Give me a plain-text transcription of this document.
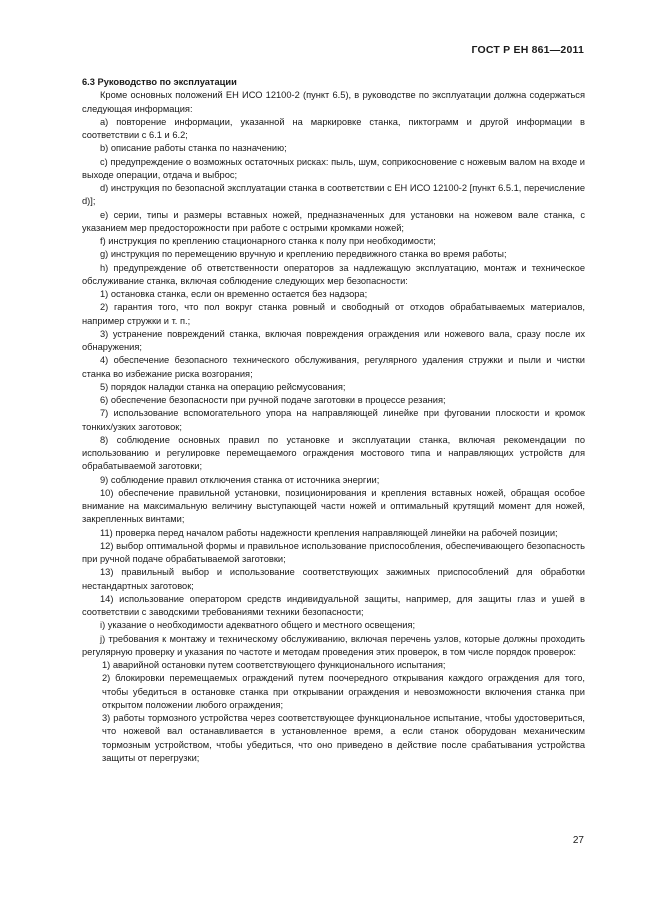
ГОСТ Р ЕН 861—2011

6.3 Руководство по эксплуатации

Кроме основных положений ЕН ИСО 12100-2 (пункт 6.5), в руководстве по эксплуатации должна содержаться следующая информация:

a) повторение информации, указанной на маркировке станка, пиктограмм и другой информации в соответствии с 6.1 и 6.2;

b) описание работы станка по назначению;

c) предупреждение о возможных остаточных рисках: пыль, шум, соприкосновение с ножевым валом на входе и выходе операции, отдача и выброс;

d) инструкция по безопасной эксплуатации станка в соответствии с ЕН ИСО 12100-2 [пункт 6.5.1, перечисление d)];

e) серии, типы и размеры вставных ножей, предназначенных для установки на ножевом вале станка, с указанием мер предосторожности при работе с острыми кромками ножей;

f) инструкция по креплению стационарного станка к полу при необходимости;

g) инструкция по перемещению вручную и креплению передвижного станка во время работы;

h) предупреждение об ответственности операторов за надлежащую эксплуатацию, монтаж и техническое обслуживание станка, включая соблюдение следующих мер безопасности:

1) остановка станка, если он временно остается без надзора;

2) гарантия того, что пол вокруг станка ровный и свободный от отходов обрабатываемых материалов, например стружки и т. п.;

3) устранение повреждений станка, включая повреждения ограждения или ножевого вала, сразу после их обнаружения;

4) обеспечение безопасного технического обслуживания, регулярного удаления стружки и пыли и чистки станка во избежание риска возгорания;

5) порядок наладки станка на операцию рейсмусования;

6) обеспечение безопасности при ручной подаче заготовки в процессе резания;

7) использование вспомогательного упора на направляющей линейке при фуговании плоскости и кромок тонких/узких заготовок;

8) соблюдение основных правил по установке и эксплуатации станка, включая рекомендации по использованию и регулировке перемещаемого ограждения мостового типа и направляющих устройств для обрабатываемой заготовки;

9) соблюдение правил отключения станка от источника энергии;

10) обеспечение правильной установки, позиционирования и крепления вставных ножей, обращая особое внимание на максимальную величину выступающей части ножей и оптимальный крутящий момент для ножей, закрепленных винтами;

11) проверка перед началом работы надежности крепления направляющей линейки на рабочей позиции;

12) выбор оптимальной формы и правильное использование приспособления, обеспечивающего безопасность при ручной подаче обрабатываемой заготовки;

13) правильный выбор и использование соответствующих зажимных приспособлений для обработки нестандартных заготовок;

14) использование оператором средств индивидуальной защиты, например, для защиты глаз и ушей в соответствии с заводскими требованиями техники безопасности;

i) указание о необходимости адекватного общего и местного освещения;

j) требования к монтажу и техническому обслуживанию, включая перечень узлов, которые должны проходить регулярную проверку и указания по частоте и методам проведения этих проверок, в том числе порядок проверок:

1) аварийной остановки путем соответствующего функционального испытания;

2) блокировки перемещаемых ограждений путем поочередного открывания каждого ограждения для того, чтобы убедиться в остановке станка при открывании ограждения и невозможности включения станка при открытом положении любого ограждения;

3) работы тормозного устройства через соответствующее функциональное испытание, чтобы удостовериться, что ножевой вал останавливается в установленное время, а если станок оборудован механическим тормозным устройством, чтобы убедиться, что оно приведено в действие после срабатывания устройства защиты от перегрузки;

27
